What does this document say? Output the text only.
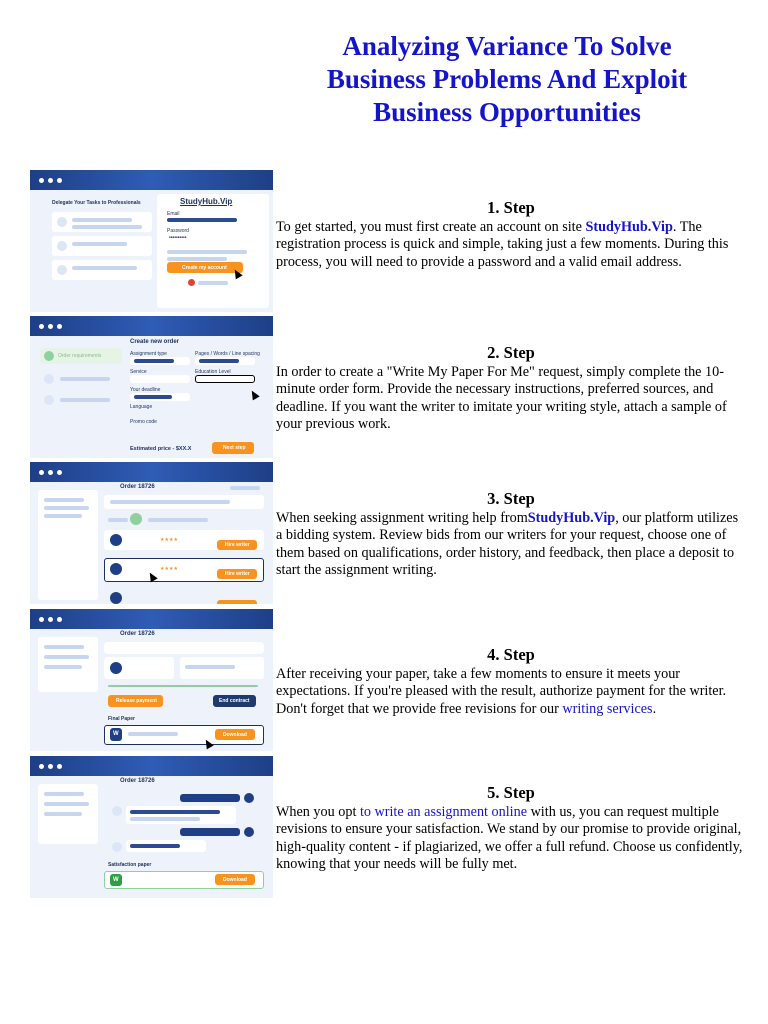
Analyzing Variance To Solve
Business Problems And Exploit
Business Opportunities
Delegate Your Tasks to Professionals	StudyHub.Vip
Email
Password
••••••••••
Create my account
1. Step

To get started, you must first create an account on site StudyHub.Vip. The registration process is quick and simple, taking just a few moments. During this process, you will need to provide a password and a valid email address.

Create new order
Order requirements	Assignment type	Pages / Words / Line spacing
Service	Education Level
Your deadline
Language
Promo code
Estimated price - $XX.X	Next step
2. Step

In order to create a "Write My Paper For Me" request, simply complete the 10-minute order form. Provide the necessary instructions, preferred sources, and deadline. If you want the writer to imitate your writing style, attach a sample of your previous work.

Order 18726
★★★★
Hire writer
★★★★
Hire writer
3. Step

When seeking assignment writing help fromStudyHub.Vip, our platform utilizes a bidding system. Review bids from our writers for your request, choose one of them based on qualifications, order history, and feedback, then place a deposit to start the assignment writing.

Order 18726
Release payment	End contract
Final Paper
W	Download
4. Step

After receiving your paper, take a few moments to ensure it meets your expectations. If you're pleased with the result, authorize payment for the writer. Don't forget that we provide free revisions for our writing services.

Order 18726
Satisfaction paper
W	Download
5. Step

When you opt to write an assignment online with us, you can request multiple revisions to ensure your satisfaction. We stand by our promise to provide original, high-quality content - if plagiarized, we offer a full refund. Choose us confidently, knowing that your needs will be fully met.
